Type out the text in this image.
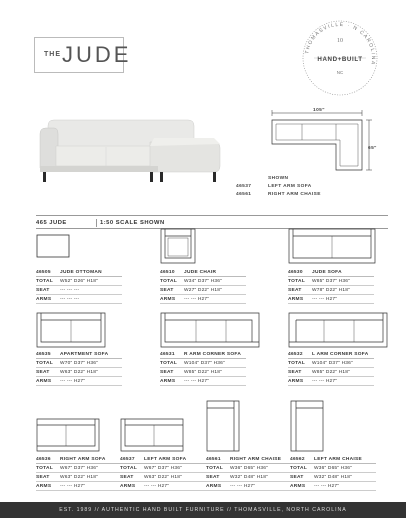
THE JUDE	THOMASVILLE · N CAROLINA
10
HAND+BUILT
NC
105"
65"
SHOWN
46537	LEFT ARM SOFA
46561	RIGHT ARM CHAISE
465 JUDE	1:50 SCALE SHOWN
46505	JUDE OTTOMAN
TOTAL	W52" D26" H18"
SEAT	--- --- ---
ARMS	--- --- ---
46510	JUDE CHAIR
TOTAL	W34" D37" H36"
SEAT	W27" D22" H18"
ARMS	--- --- H27"
46530	JUDE SOFA
TOTAL	W85" D37" H36"
SEAT	W78" D22" H18"
ARMS	--- --- H27"
46535	APARTMENT SOFA
TOTAL	W70" D37" H36"
SEAT	W63" D22" H18"
ARMS	--- --- H27"
46531	R ARM CORNER SOFA
TOTAL	W104" D37" H36"
SEAT	W85" D22" H18"
ARMS	--- --- H27"
46532	L ARM CORNER SOFA
TOTAL	W104" D37" H36"
SEAT	W85" D22" H18"
ARMS	--- --- H27"
46536	RIGHT ARM SOFA
TOTAL	W67" D37" H36"
SEAT	W63" D22" H18"
ARMS	--- --- H27"
46537	LEFT ARM SOFA
TOTAL	W67" D37" H36"
SEAT	W63" D22" H18"
ARMS	--- --- H27"
46561	RIGHT ARM CHAISE
TOTAL	W36" D65" H36"
SEAT	W32" D48" H18"
ARMS	--- --- H27"
46562	LEFT ARM CHAISE
TOTAL	W36" D65" H36"
SEAT	W32" D48" H18"
ARMS	--- --- H27"
EST. 1989 // AUTHENTIC HAND BUILT FURNITURE // THOMASVILLE, NORTH CAROLINA
